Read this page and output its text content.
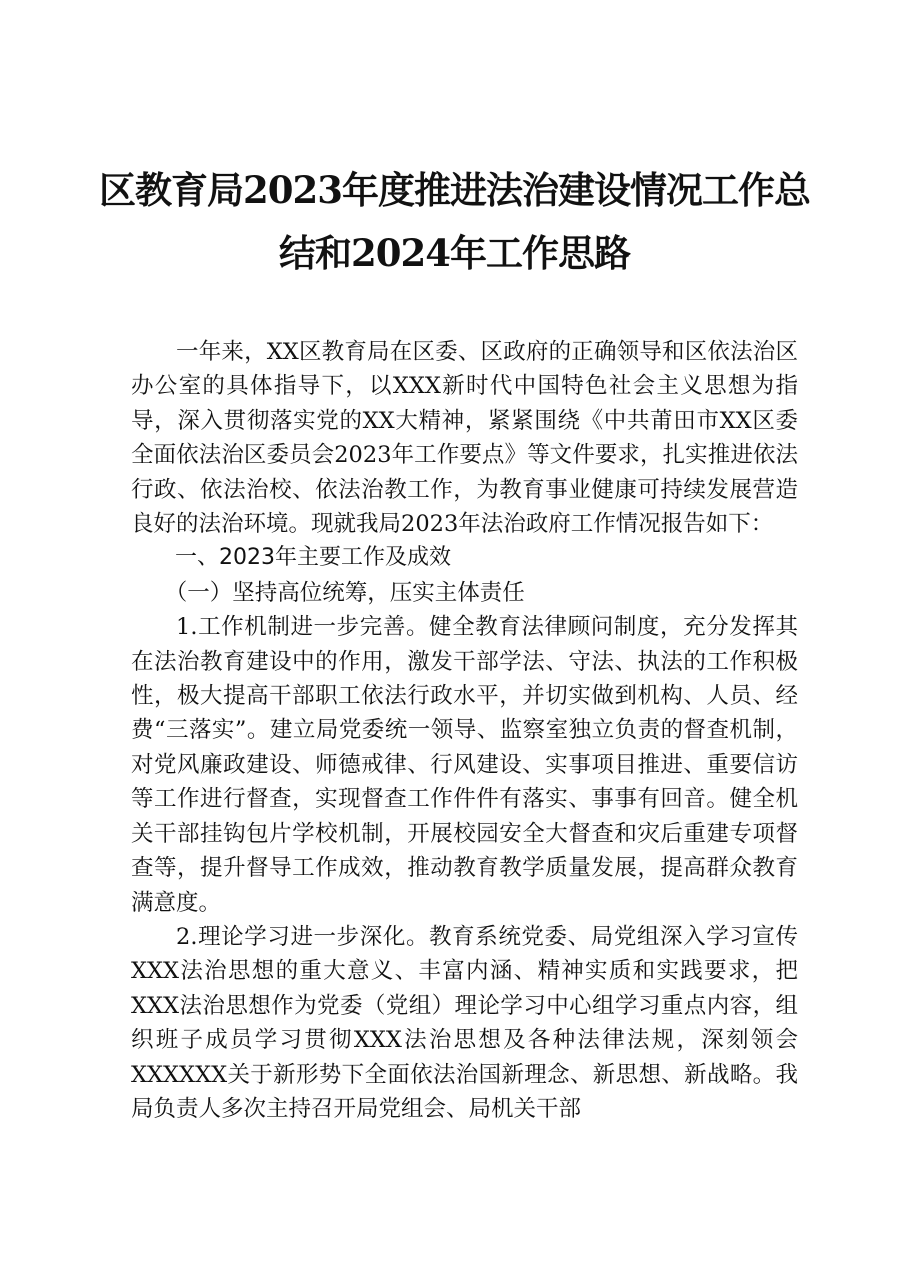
区教育局2023年度推进法治建设情况工作总
结和2024年工作思路

一年来，XX区教育局在区委、区政府的正确领导和区依法治区办公室的具体指导下，以XXX新时代中国特色社会主义思想为指导，深入贯彻落实党的XX大精神，紧紧围绕《中共莆田市XX区委全面依法治区委员会2023年工作要点》等文件要求，扎实推进依法行政、依法治校、依法治教工作，为教育事业健康可持续发展营造良好的法治环境。现就我局2023年法治政府工作情况报告如下：

一、2023年主要工作及成效

（一）坚持高位统筹，压实主体责任

1.工作机制进一步完善。健全教育法律顾问制度，充分发挥其在法治教育建设中的作用，激发干部学法、守法、执法的工作积极性，极大提高干部职工依法行政水平，并切实做到机构、人员、经费“三落实”。建立局党委统一领导、监察室独立负责的督查机制，对党风廉政建设、师德戒律、行风建设、实事项目推进、重要信访等工作进行督查，实现督查工作件件有落实、事事有回音。健全机关干部挂钩包片学校机制，开展校园安全大督查和灾后重建专项督查等，提升督导工作成效，推动教育教学质量发展，提高群众教育满意度。

2.理论学习进一步深化。教育系统党委、局党组深入学习宣传XXX法治思想的重大意义、丰富内涵、精神实质和实践要求，把XXX法治思想作为党委（党组）理论学习中心组学习重点内容，组织班子成员学习贯彻XXX法治思想及各种法律法规，深刻领会XXXXXX关于新形势下全面依法治国新理念、新思想、新战略。我局负责人多次主持召开局党组会、局机关干部
